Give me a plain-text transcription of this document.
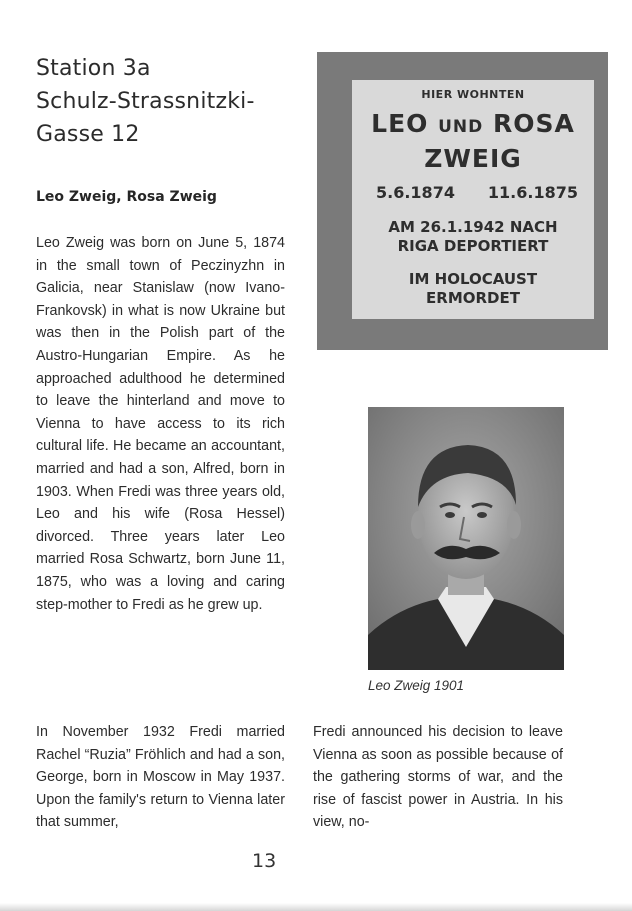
Station 3a
Schulz-Strassnitzki-
Gasse 12
Leo Zweig, Rosa Zweig

Leo Zweig was born on June 5, 1874 in the small town of Peczinyzhn in Galicia, near Stanislaw (now Ivano-Frankovsk) in what is now Ukraine but was then in the Polish part of the Austro-Hungarian Empire. As he approached adulthood he determined to leave the hinterland and move to Vienna to have access to its rich cultural life. He became an accountant, married and had a son, Alfred, born in 1903. When Fredi was three years old, Leo and his wife (Rosa Hessel) divorced. Three years later Leo married Rosa Schwartz, born June 11, 1875, who was a loving and caring step-mother to Fredi as he grew up.

In November 1932 Fredi married Rachel “Ruzia” Fröhlich and had a son, George, born in Moscow in May 1937. Upon the family's return to Vienna later that summer,

Fredi announced his decision to leave Vienna as soon as possible because of the gathering storms of war, and the rise of fascist power in Austria. In his view, no-

HIER WOHNTEN
LEO UND ROSA
ZWEIG
5.6.1874 11.6.1875
AM 26.1.1942 NACH
RIGA DEPORTIERT
IM HOLOCAUST
ERMORDET
Leo Zweig 1901
13
